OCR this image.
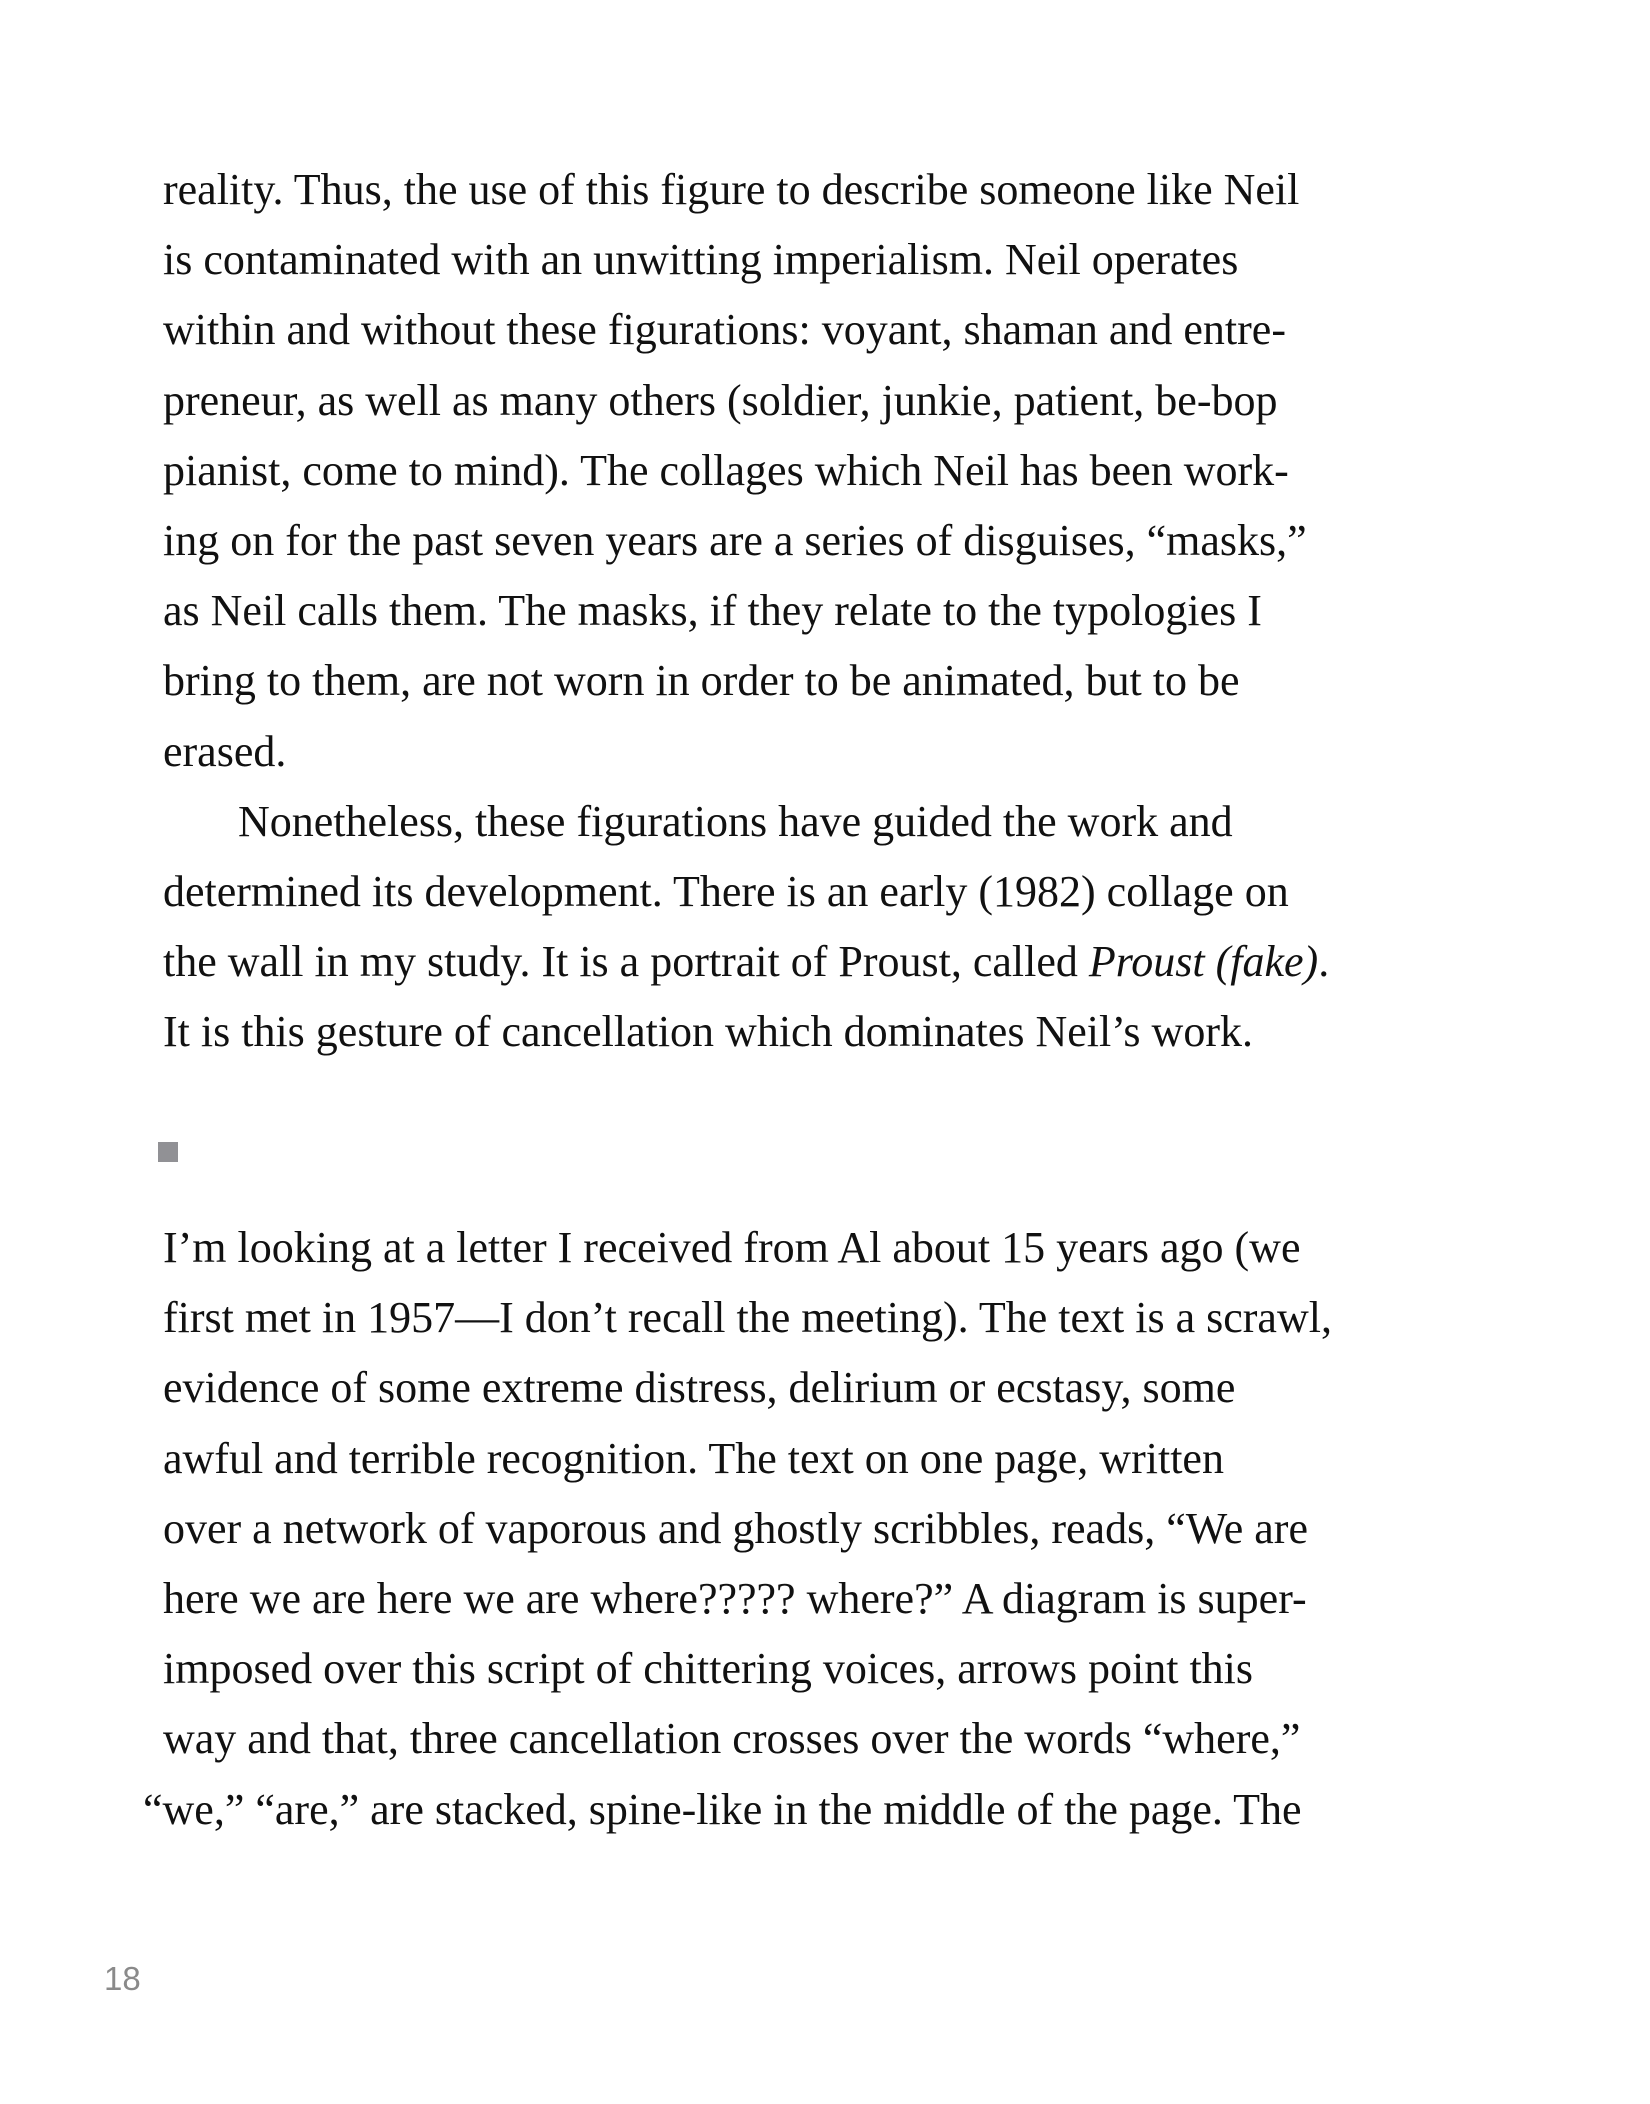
reality. Thus, the use of this figure to describe someone like Neil
is contaminated with an unwitting imperialism. Neil operates
within and without these figurations: voyant, shaman and entre-
preneur, as well as many others (soldier, junkie, patient, be-bop
pianist, come to mind). The collages which Neil has been work-
ing on for the past seven years are a series of disguises, “masks,”
as Neil calls them. The masks, if they relate to the typologies I
bring to them, are not worn in order to be animated, but to be
erased.
Nonetheless, these figurations have guided the work and
determined its development. There is an early (1982) collage on
the wall in my study. It is a portrait of Proust, called Proust (fake).
It is this gesture of cancellation which dominates Neil’s work.
I’m looking at a letter I received from Al about 15 years ago (we
first met in 1957—I don’t recall the meeting). The text is a scrawl,
evidence of some extreme distress, delirium or ecstasy, some
awful and terrible recognition. The text on one page, written
over a network of vaporous and ghostly scribbles, reads, “We are
here we are here we are where????? where?” A diagram is super-
imposed over this script of chittering voices, arrows point this
way and that, three cancellation crosses over the words “where,”
“we,” “are,” are stacked, spine-like in the middle of the page. The
18
